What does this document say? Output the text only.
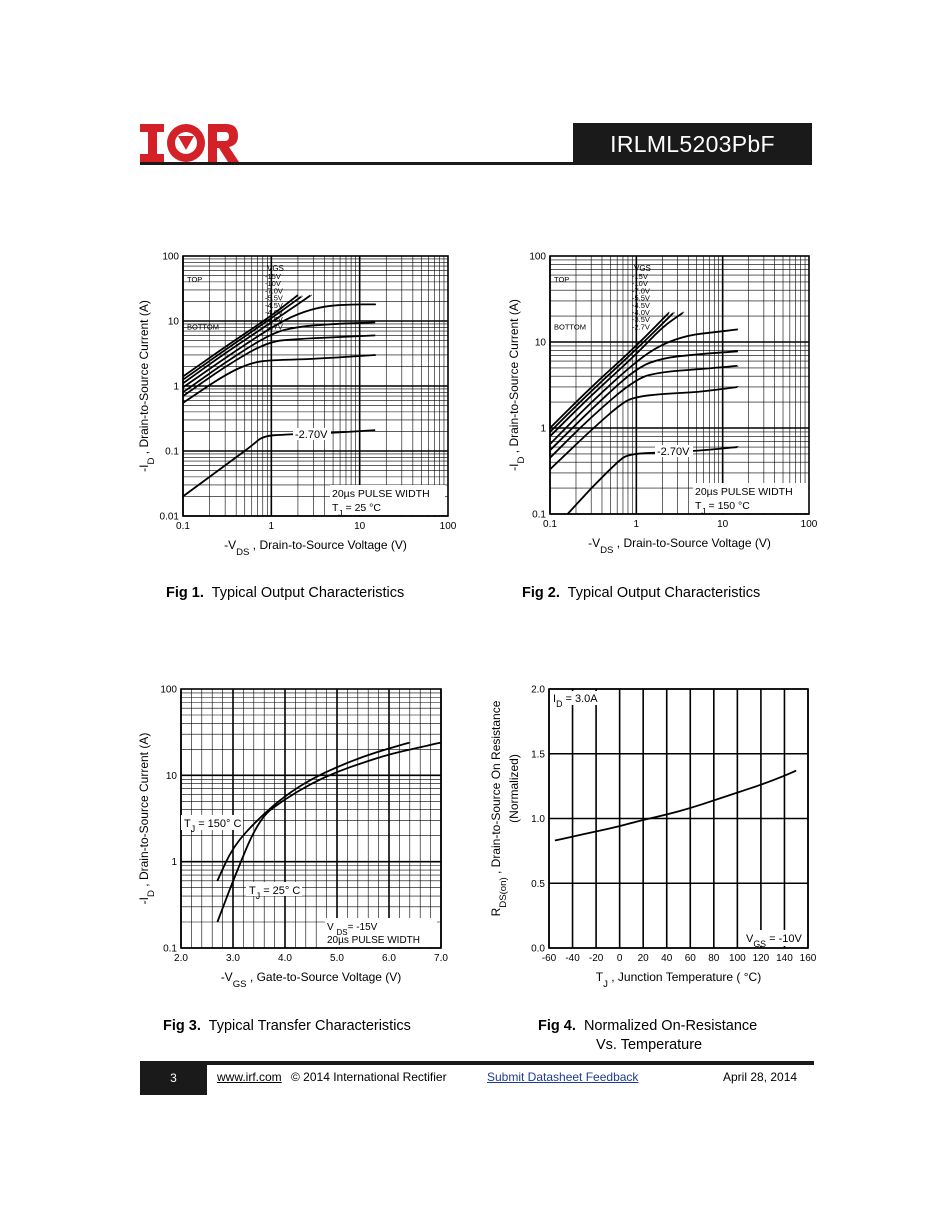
IRLML5203PbF
0.1	1	10	100
0.01
0.1
1
10
100
VGS
-15V
-10V
-7.0V
-5.5V
-4.5V
-4.0V
-3.5V
-2.7V
TOP
BOTTOM
-2.70V
20µs PULSE WIDTH
$T_J = 25$ °C
$-V_{DS}$ , Drain-to-Source Voltage (V)
$-I_D$ , Drain-to-Source Current (A)
Fig 1. Typical Output Characteristics
0.1	1	10	100
0.1
1
10
100
VGS
-15V
-10V
-7.0V
-5.5V
-4.5V
-4.0V
-3.5V
-2.7V
TOP
BOTTOM
-2.70V
20µs PULSE WIDTH
$T_J = 150$ °C
$-V_{DS}$ , Drain-to-Source Voltage (V)
$-I_D$ , Drain-to-Source Current (A)
Fig 2. Typical Output Characteristics
2.0	3.0	4.0	5.0	6.0	7.0
0.1
1
10
100
$T_J = 150^\circ$ C
$T_J = 25^\circ$ C
V $_{DS}$= -15V
20µs PULSE WIDTH
$-V_{GS}$ , Gate-to-Source Voltage (V)
$-I_D$ , Drain-to-Source Current (A)
Fig 3. Typical Transfer Characteristics
-60 -40 -20 0 20 40 60 80 100 120 140 160
0.0
0.5
1.0
1.5
2.0
$I_D = 3.0A$
$V_{GS} = -10V$
$T_J$ , Junction Temperature ( °C)
$R_{DS(on)}$ , Drain-to-Source On Resistance (Normalized)
Fig 4. Normalized On-Resistance
Vs. Temperature
3	www.irf.com © 2014 International Rectifier	Submit Datasheet Feedback	April 28, 2014
